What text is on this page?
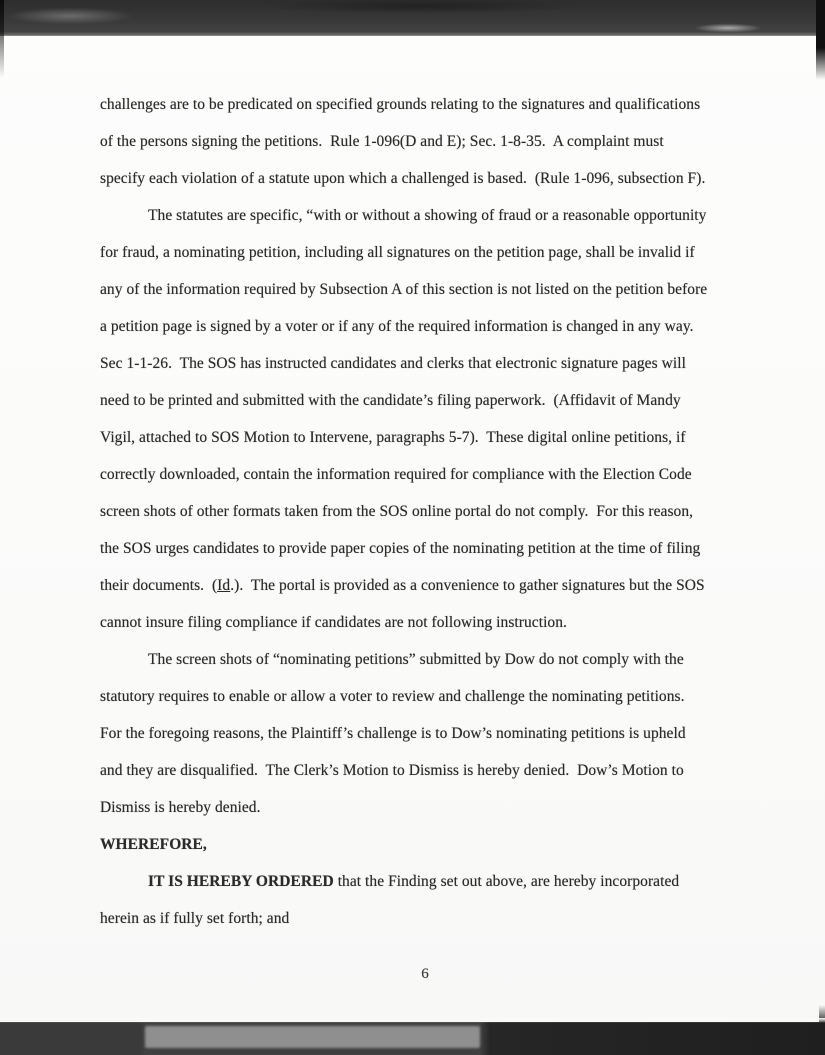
challenges are to be predicated on specified grounds relating to the signatures and qualifications
of the persons signing the petitions.  Rule 1-096(D and E); Sec. 1-8-35.  A complaint must
specify each violation of a statute upon which a challenged is based.  (Rule 1-096, subsection F).
The statutes are specific, “with or without a showing of fraud or a reasonable opportunity
for fraud, a nominating petition, including all signatures on the petition page, shall be invalid if
any of the information required by Subsection A of this section is not listed on the petition before
a petition page is signed by a voter or if any of the required information is changed in any way.
Sec 1-1-26.  The SOS has instructed candidates and clerks that electronic signature pages will
need to be printed and submitted with the candidate’s filing paperwork.  (Affidavit of Mandy
Vigil, attached to SOS Motion to Intervene, paragraphs 5-7).  These digital online petitions, if
correctly downloaded, contain the information required for compliance with the Election Code
screen shots of other formats taken from the SOS online portal do not comply.  For this reason,
the SOS urges candidates to provide paper copies of the nominating petition at the time of filing
their documents.  (Id.).  The portal is provided as a convenience to gather signatures but the SOS
cannot insure filing compliance if candidates are not following instruction.
The screen shots of “nominating petitions” submitted by Dow do not comply with the
statutory requires to enable or allow a voter to review and challenge the nominating petitions.
For the foregoing reasons, the Plaintiff’s challenge is to Dow’s nominating petitions is upheld
and they are disqualified.  The Clerk’s Motion to Dismiss is hereby denied.  Dow’s Motion to
Dismiss is hereby denied.
WHEREFORE,
IT IS HEREBY ORDERED that the Finding set out above, are hereby incorporated
herein as if fully set forth; and
6
